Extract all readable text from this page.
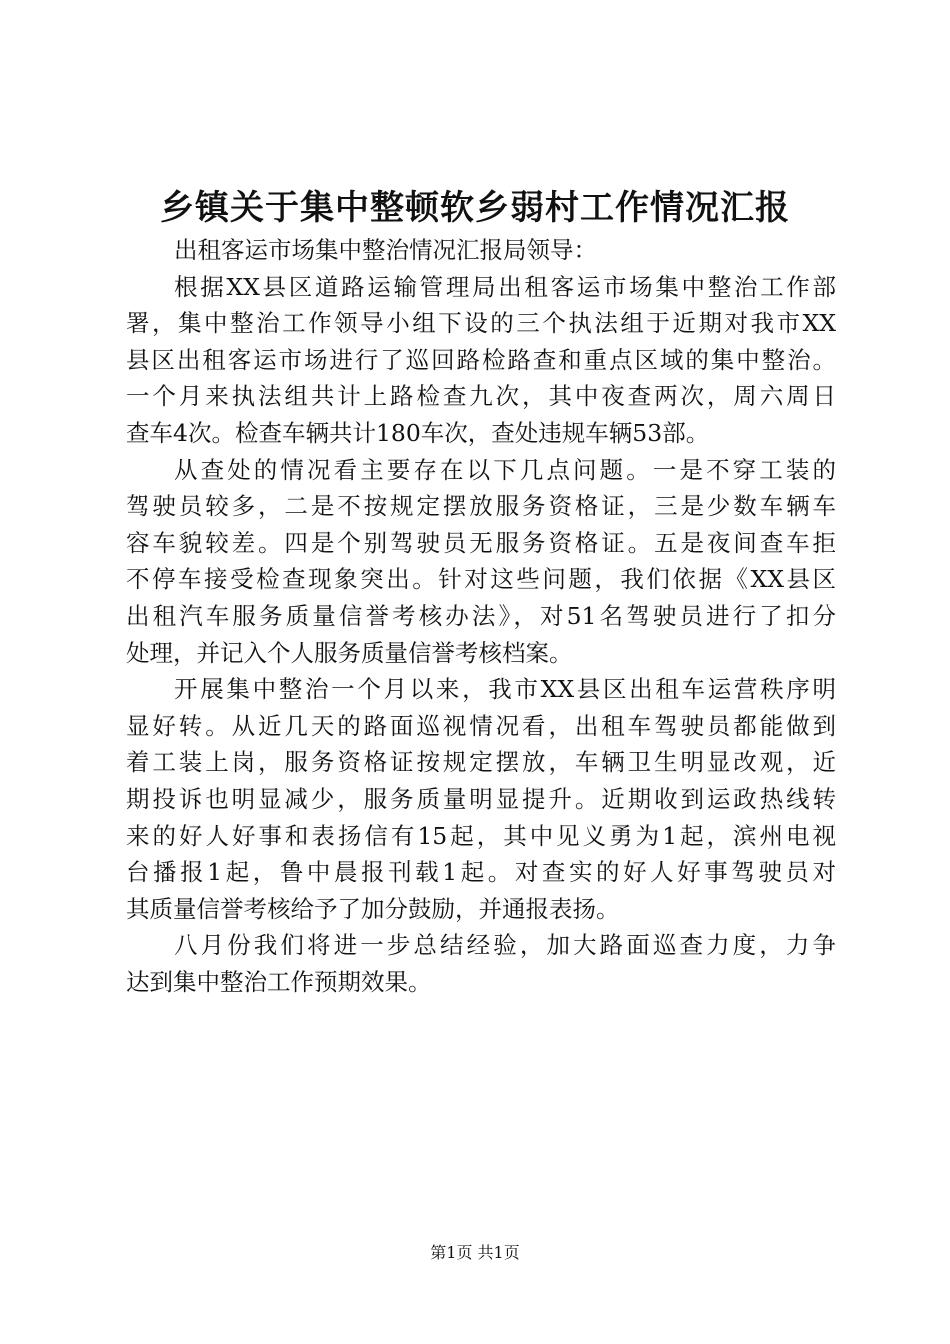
乡镇关于集中整顿软乡弱村工作情况汇报
出租客运市场集中整治情况汇报局领导：
根据XX县区道路运输管理局出租客运市场集中整治工作部
署，集中整治工作领导小组下设的三个执法组于近期对我市XX
县区出租客运市场进行了巡回路检路查和重点区域的集中整治。
一个月来执法组共计上路检查九次，其中夜查两次，周六周日
查车4次。检查车辆共计180车次，查处违规车辆53部。
从查处的情况看主要存在以下几点问题。一是不穿工装的
驾驶员较多，二是不按规定摆放服务资格证，三是少数车辆车
容车貌较差。四是个别驾驶员无服务资格证。五是夜间查车拒
不停车接受检查现象突出。针对这些问题，我们依据《XX县区
出租汽车服务质量信誉考核办法》，对51名驾驶员进行了扣分
处理，并记入个人服务质量信誉考核档案。
开展集中整治一个月以来，我市XX县区出租车运营秩序明
显好转。从近几天的路面巡视情况看，出租车驾驶员都能做到
着工装上岗，服务资格证按规定摆放，车辆卫生明显改观，近
期投诉也明显减少，服务质量明显提升。近期收到运政热线转
来的好人好事和表扬信有15起，其中见义勇为1起，滨州电视
台播报1起，鲁中晨报刊载1起。对查实的好人好事驾驶员对
其质量信誉考核给予了加分鼓励，并通报表扬。
八月份我们将进一步总结经验，加大路面巡查力度，力争
达到集中整治工作预期效果。
第1页 共1页
